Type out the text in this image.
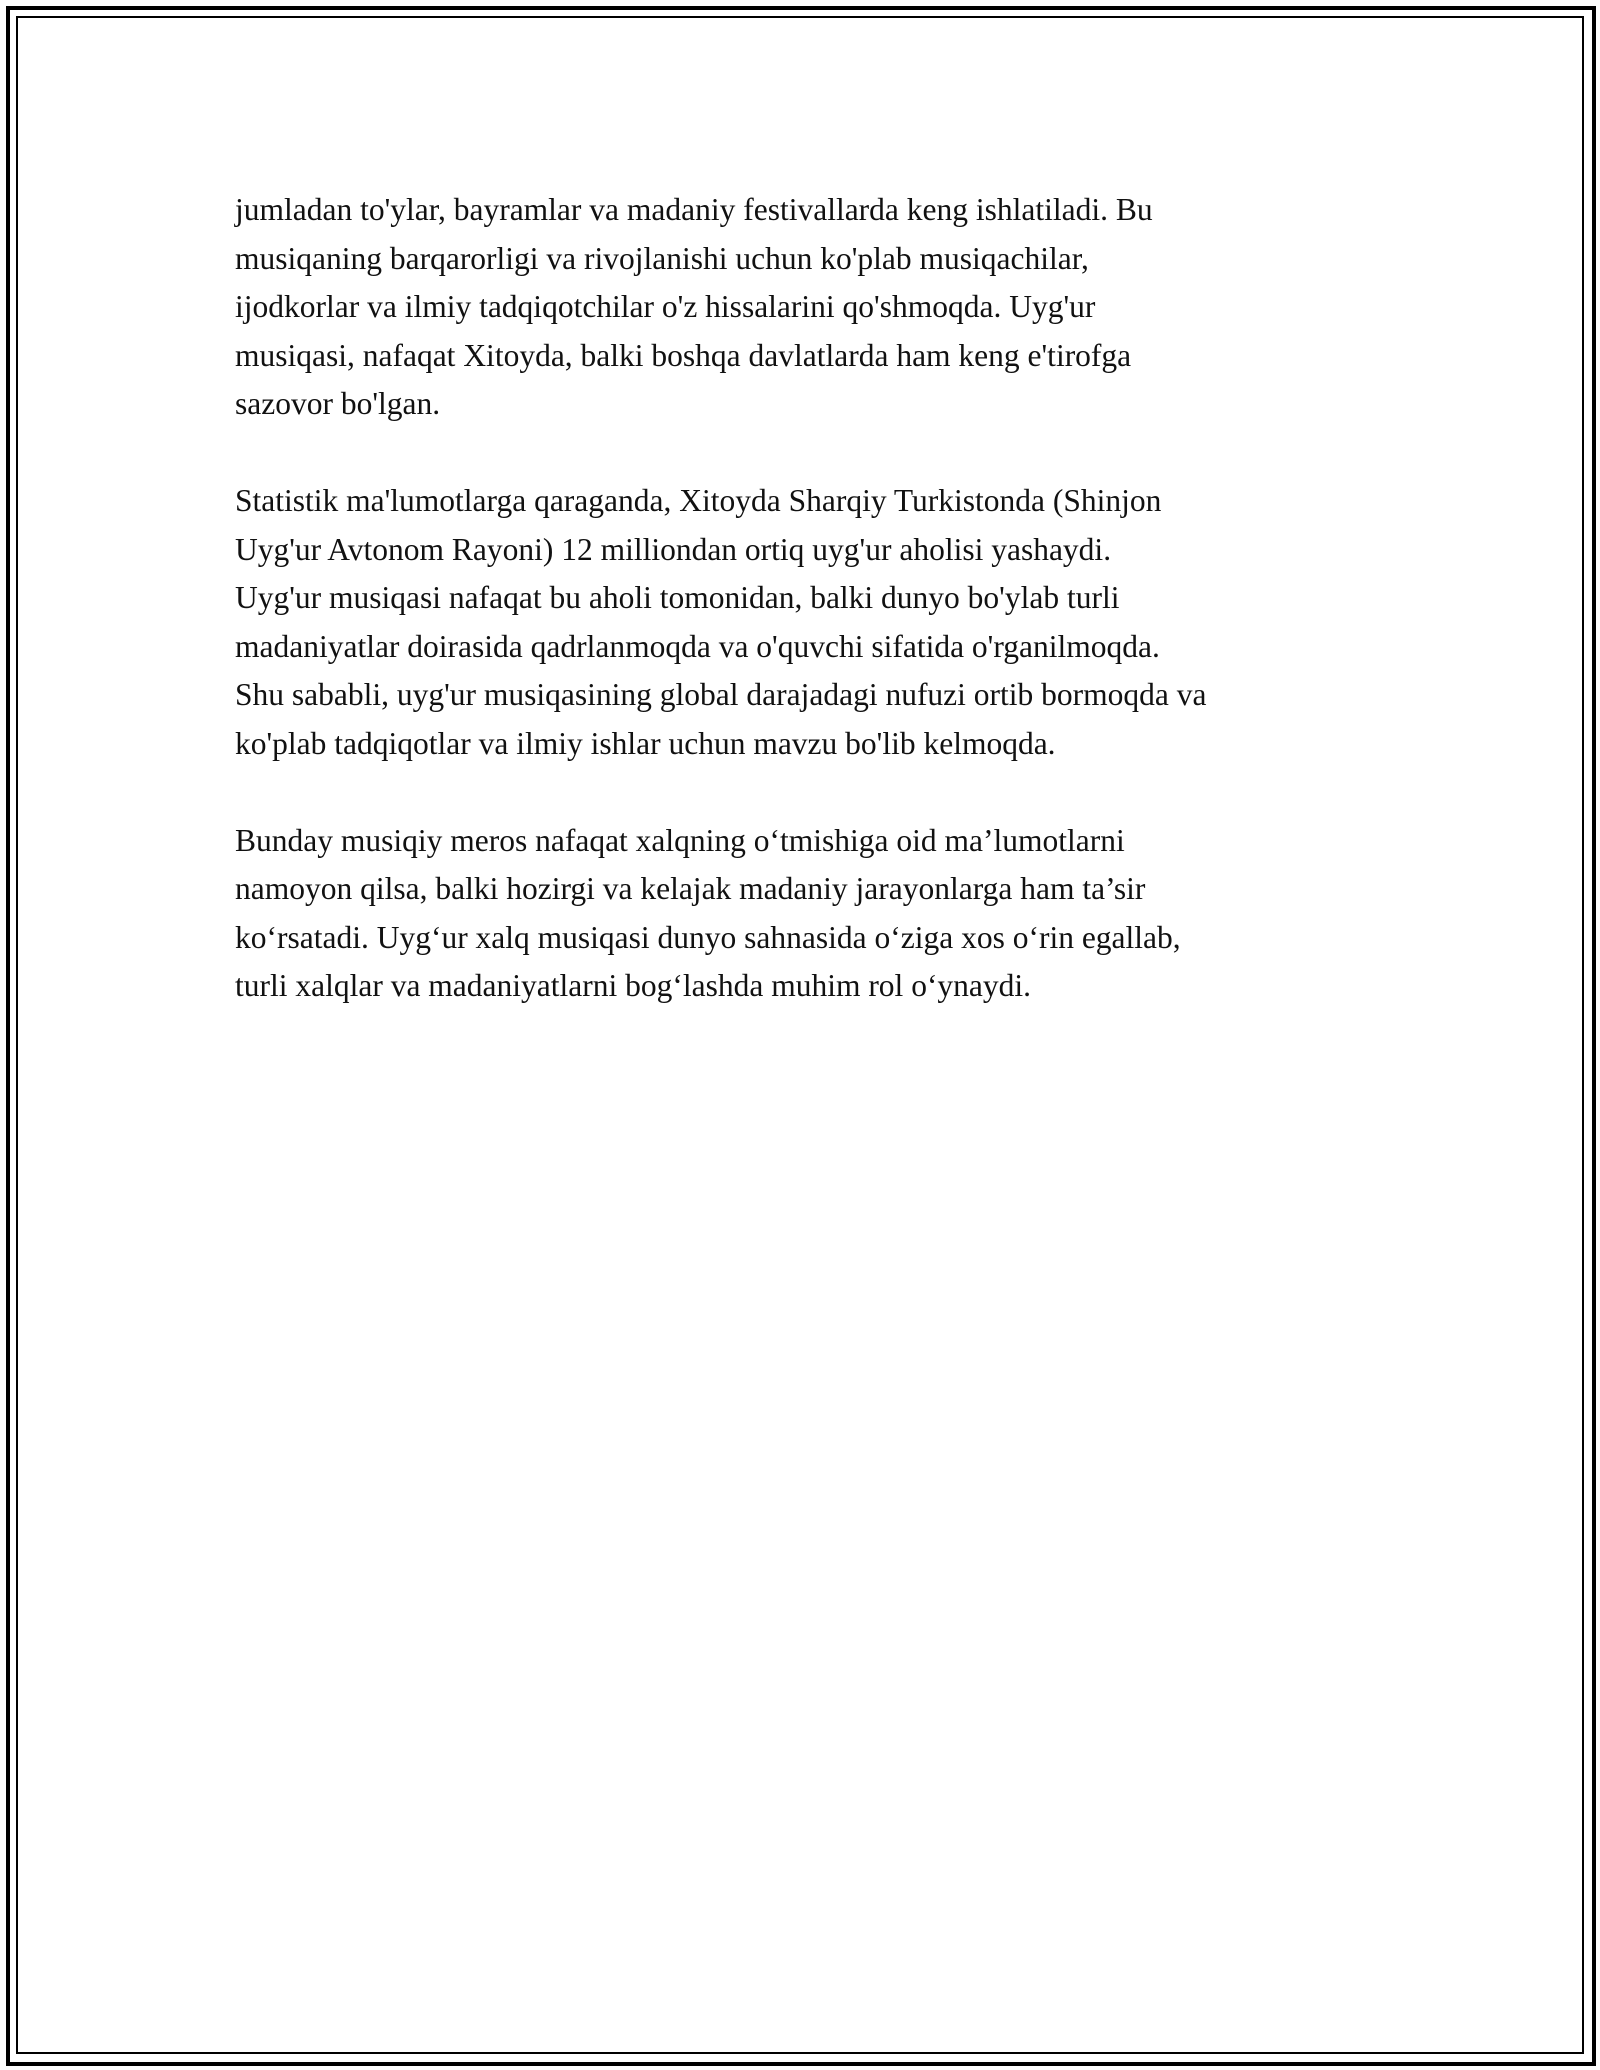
jumladan to'ylar, bayramlar va madaniy festivallarda keng ishlatiladi. Bu
musiqaning barqarorligi va rivojlanishi uchun ko'plab musiqachilar,
ijodkorlar va ilmiy tadqiqotchilar o'z hissalarini qo'shmoqda. Uyg'ur
musiqasi, nafaqat Xitoyda, balki boshqa davlatlarda ham keng e'tirofga
sazovor bo'lgan.

Statistik ma'lumotlarga qaraganda, Xitoyda Sharqiy Turkistonda (Shinjon
Uyg'ur Avtonom Rayoni) 12 milliondan ortiq uyg'ur aholisi yashaydi.
Uyg'ur musiqasi nafaqat bu aholi tomonidan, balki dunyo bo'ylab turli
madaniyatlar doirasida qadrlanmoqda va o'quvchi sifatida o'rganilmoqda.
Shu sababli, uyg'ur musiqasining global darajadagi nufuzi ortib bormoqda va
ko'plab tadqiqotlar va ilmiy ishlar uchun mavzu bo'lib kelmoqda.

Bunday musiqiy meros nafaqat xalqning o‘tmishiga oid ma’lumotlarni
namoyon qilsa, balki hozirgi va kelajak madaniy jarayonlarga ham ta’sir
ko‘rsatadi. Uyg‘ur xalq musiqasi dunyo sahnasida o‘ziga xos o‘rin egallab,
turli xalqlar va madaniyatlarni bog‘lashda muhim rol o‘ynaydi.
